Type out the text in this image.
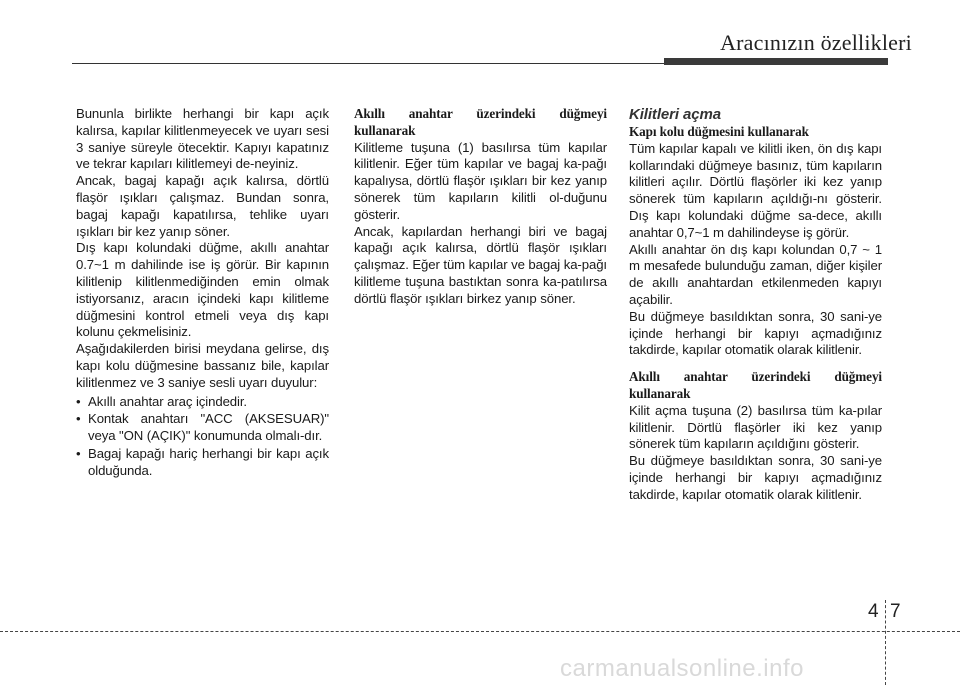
Aracınızın özellikleri

Bununla birlikte herhangi bir kapı açık kalırsa, kapılar kilitlenmeyecek ve uyarı sesi 3 saniye süreyle ötecektir. Kapıyı kapatınız ve tekrar kapıları kilitlemeyi de-neyiniz.

Ancak, bagaj kapağı açık kalırsa, dörtlü flaşör ışıkları çalışmaz. Bundan sonra, bagaj kapağı kapatılırsa, tehlike uyarı ışıkları bir kez yanıp söner.

Dış kapı kolundaki düğme, akıllı anahtar 0.7~1 m dahilinde ise iş görür. Bir kapının kilitlenip kilitlenmediğinden emin olmak istiyorsanız, aracın içindeki kapı kilitleme düğmesini kontrol etmeli veya dış kapı kolunu çekmelisiniz.

Aşağıdakilerden birisi meydana gelirse, dış kapı kolu düğmesine bassanız bile, kapılar kilitlenmez ve 3 saniye sesli uyarı duyulur:

• Akıllı anahtar araç içindedir.
• Kontak anahtarı "ACC (AKSESUAR)" veya "ON (AÇIK)" konumunda olmalı-dır.
• Bagaj kapağı hariç herhangi bir kapı açık olduğunda.

Akıllı anahtar üzerindeki düğmeyi kullanarak

Kilitleme tuşuna (1) basılırsa tüm kapılar kilitlenir. Eğer tüm kapılar ve bagaj ka-pağı kapalıysa, dörtlü flaşör ışıkları bir kez yanıp sönerek tüm kapıların kilitli ol-duğunu gösterir.

Ancak, kapılardan herhangi biri ve bagaj kapağı açık kalırsa, dörtlü flaşör ışıkları çalışmaz. Eğer tüm kapılar ve bagaj ka-pağı kilitleme tuşuna bastıktan sonra ka-patılırsa dörtlü flaşör ışıkları birkez yanıp söner.

Kilitleri açma

Kapı kolu düğmesini kullanarak

Tüm kapılar kapalı ve kilitli iken, ön dış kapı kollarındaki düğmeye basınız, tüm kapıların kilitleri açılır. Dörtlü flaşörler iki kez yanıp sönerek tüm kapıların açıldığı-nı gösterir. Dış kapı kolundaki düğme sa-dece, akıllı anahtar 0,7~1 m dahilindeyse iş görür.

Akıllı anahtar ön dış kapı kolundan 0,7 ~ 1 m mesafede bulunduğu zaman, diğer kişiler de akıllı anahtardan etkilenmeden kapıyı açabilir.

Bu düğmeye basıldıktan sonra, 30 sani-ye içinde herhangi bir kapıyı açmadığınız takdirde, kapılar otomatik olarak kilitlenir.

Akıllı anahtar üzerindeki düğmeyi kullanarak

Kilit açma tuşuna (2) basılırsa tüm ka-pılar kilitlenir. Dörtlü flaşörler iki kez yanıp sönerek tüm kapıların açıldığını gösterir.

Bu düğmeye basıldıktan sonra, 30 sani-ye içinde herhangi bir kapıyı açmadığınız takdirde, kapılar otomatik olarak kilitlenir.

4 7
carmanualsonline.info
